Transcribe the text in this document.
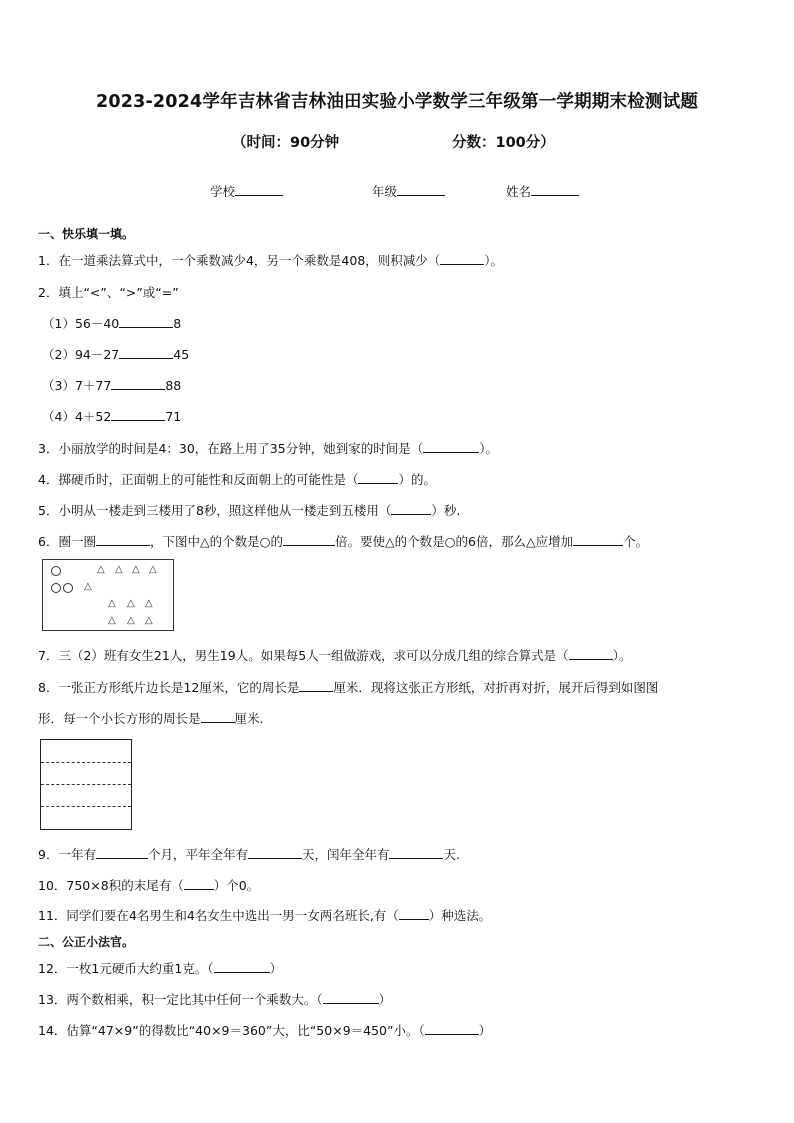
2023-2024学年吉林省吉林油田实验小学数学三年级第一学期期末检测试题
（时间：90分钟	分数：100分）
学校	年级	姓名
一、快乐填一填。
1．在一道乘法算式中，一个乘数减少4，另一个乘数是408，则积减少（	）。
2．填上“<”、“>”或“=”
（1）56－40	8
（2）94－27	45
（3）7＋77	88
（4）4＋52	71
3．小丽放学的时间是4：30，在路上用了35分钟，她到家的时间是（	）。
4．掷硬币时，正面朝上的可能性和反面朝上的可能性是（	）的。
5．小明从一楼走到三楼用了8秒，照这样他从一楼走到五楼用（	）秒.
6．圈一圈	，下图中△的个数是○的	倍。要使△的个数是○的6倍，那么△应增加	个。
△ △ △ △
△
△ △ △
△ △ △
7．三（2）班有女生21人，男生19人。如果每5人一组做游戏，求可以分成几组的综合算式是（	）。
8．一张正方形纸片边长是12厘米，它的周长是	厘米．现将这张正方形纸，对折再对折，展开后得到如图图
形．每一个小长方形的周长是	厘米.
9．一年有	个月，平年全年有	天，闰年全年有	天.
10．750×8积的末尾有（ ）个0。
11．同学们要在4名男生和4名女生中选出一男一女两名班长,有（ ）种选法。
二、公正小法官。
12．一枚1元硬币大约重1克。（	）
13．两个数相乘，积一定比其中任何一个乘数大。（	）
14．估算“47×9”的得数比“40×9＝360”大，比“50×9＝450”小。（	）
